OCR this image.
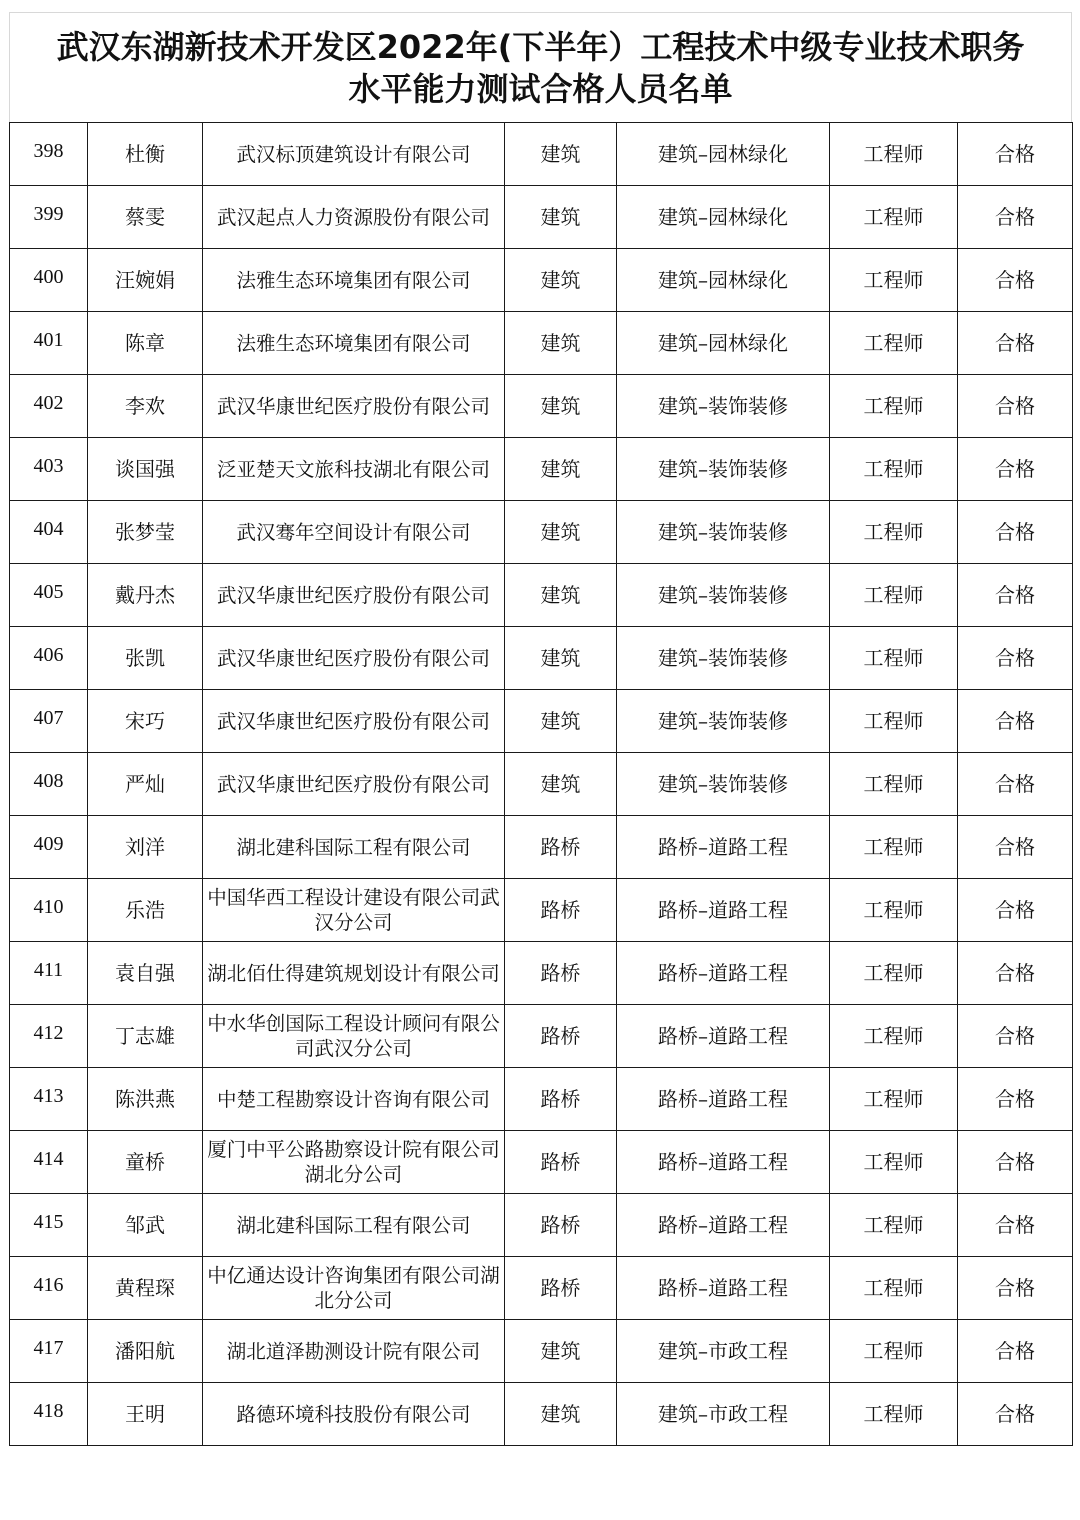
武汉东湖新技术开发区2022年(下半年）工程技术中级专业技术职务
水平能力测试合格人员名单
398	杜衡	武汉标顶建筑设计有限公司	建筑	建筑–园林绿化	工程师	合格
399	蔡雯	武汉起点人力资源股份有限公司	建筑	建筑–园林绿化	工程师	合格
400	汪婉娟	法雅生态环境集团有限公司	建筑	建筑–园林绿化	工程师	合格
401	陈章	法雅生态环境集团有限公司	建筑	建筑–园林绿化	工程师	合格
402	李欢	武汉华康世纪医疗股份有限公司	建筑	建筑–装饰装修	工程师	合格
403	谈国强	泛亚楚天文旅科技湖北有限公司	建筑	建筑–装饰装修	工程师	合格
404	张梦莹	武汉骞年空间设计有限公司	建筑	建筑–装饰装修	工程师	合格
405	戴丹杰	武汉华康世纪医疗股份有限公司	建筑	建筑–装饰装修	工程师	合格
406	张凯	武汉华康世纪医疗股份有限公司	建筑	建筑–装饰装修	工程师	合格
407	宋巧	武汉华康世纪医疗股份有限公司	建筑	建筑–装饰装修	工程师	合格
408	严灿	武汉华康世纪医疗股份有限公司	建筑	建筑–装饰装修	工程师	合格
409	刘洋	湖北建科国际工程有限公司	路桥	路桥–道路工程	工程师	合格
410	乐浩	中国华西工程设计建设有限公司武汉分公司	路桥	路桥–道路工程	工程师	合格
411	袁自强	湖北佰仕得建筑规划设计有限公司	路桥	路桥–道路工程	工程师	合格
412	丁志雄	中水华创国际工程设计顾问有限公司武汉分公司	路桥	路桥–道路工程	工程师	合格
413	陈洪燕	中楚工程勘察设计咨询有限公司	路桥	路桥–道路工程	工程师	合格
414	童桥	厦门中平公路勘察设计院有限公司湖北分公司	路桥	路桥–道路工程	工程师	合格
415	邹武	湖北建科国际工程有限公司	路桥	路桥–道路工程	工程师	合格
416	黄程琛	中亿通达设计咨询集团有限公司湖北分公司	路桥	路桥–道路工程	工程师	合格
417	潘阳航	湖北道泽勘测设计院有限公司	建筑	建筑–市政工程	工程师	合格
418	王明	路德环境科技股份有限公司	建筑	建筑–市政工程	工程师	合格
